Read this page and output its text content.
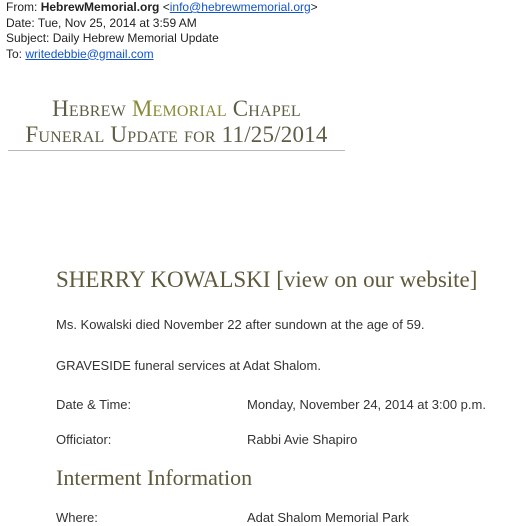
From: HebrewMemorial.org <info@hebrewmemorial.org>
Date: Tue, Nov 25, 2014 at 3:59 AM
Subject: Daily Hebrew Memorial Update
To: writedebbie@gmail.com
Hebrew Memorial Chapel
Funeral Update for 11/25/2014
SHERRY KOWALSKI [view on our website]
Ms. Kowalski died November 22 after sundown at the age of 59.
GRAVESIDE funeral services at Adat Shalom.
Date & Time:	Monday, November 24, 2014 at 3:00 p.m.
Officiator:	Rabbi Avie Shapiro
Interment Information
Where:	Adat Shalom Memorial Park
